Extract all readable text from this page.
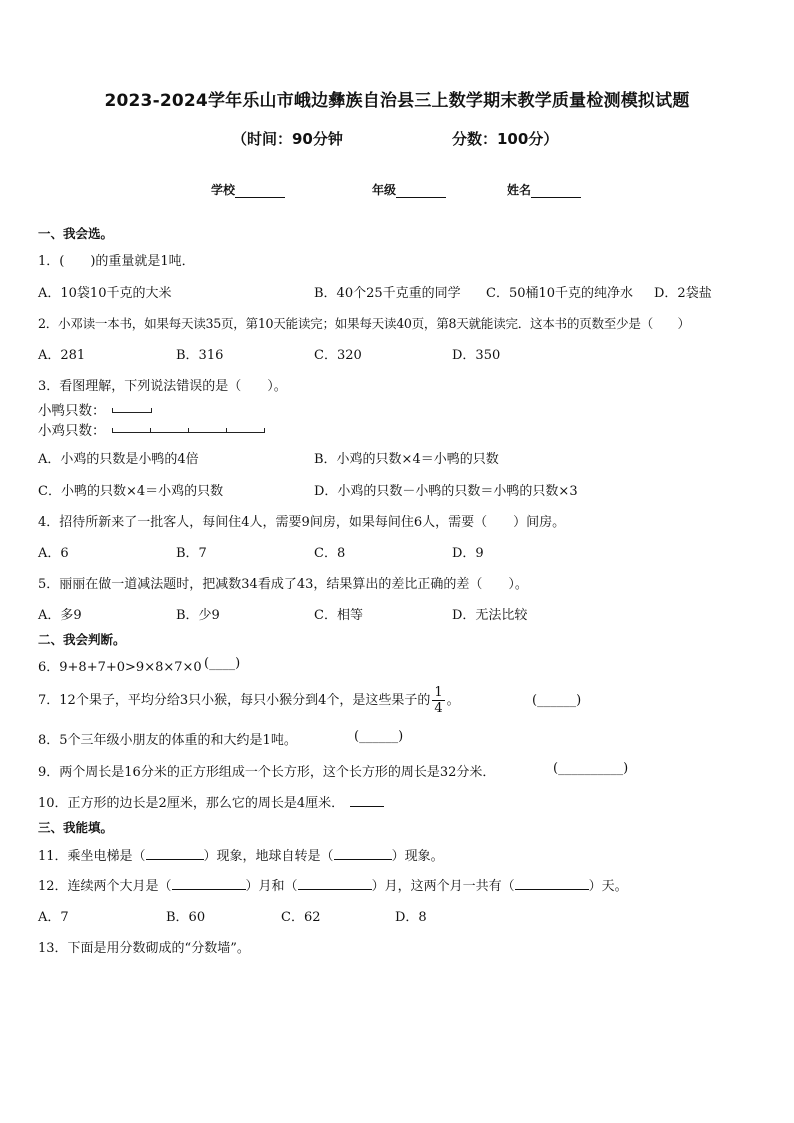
2023-2024学年乐山市峨边彝族自治县三上数学期末教学质量检测模拟试题
（时间：90分钟	分数：100分）
学校	年级	姓名
一、我会选。
1．(　　)的重量就是1吨．
A．10袋10千克的大米	B．40个25千克重的同学 C．50桶10千克的纯净水 D．2袋盐
2．小邓读一本书，如果每天读35页，第10天能读完；如果每天读40页，第8天就能读完．这本书的页数至少是（　　）
A．281	B．316	C．320	D．350
3．看图理解，下列说法错误的是（　　）。
小鸭只数：
小鸡只数：
A．小鸡的只数是小鸭的4倍	B．小鸡的只数×4＝小鸭的只数
C．小鸭的只数×4＝小鸡的只数	D．小鸡的只数－小鸭的只数＝小鸭的只数×3
4．招待所新来了一批客人，每间住4人，需要9间房，如果每间住6人，需要（　　）间房。
A．6	B．7	C．8	D．9
5．丽丽在做一道减法题时，把减数34看成了43，结果算出的差比正确的差（　　）。
A．多9	B．少9	C．相等	D．无法比较
二、我会判断。
6．9+8+7+0>9×8×7×0 (____)
7．12个果子，平均分给3只小猴，每只小猴分到4个，是这些果子的 $\frac{1}{4}$ 。	(______)
8．5个三年级小朋友的体重的和大约是1吨。	(______)
9．两个周长是16分米的正方形组成一个长方形，这个长方形的周长是32分米．	(__________)
10．正方形的边长是2厘米，那么它的周长是4厘米．
三、我能填。
11．乘坐电梯是（	）现象，地球自转是（	）现象。
12．连续两个大月是（	）月和（	）月，这两个月一共有（	）天。
A．7	B．60	C．62	D．8
13．下面是用分数砌成的“分数墙”。
